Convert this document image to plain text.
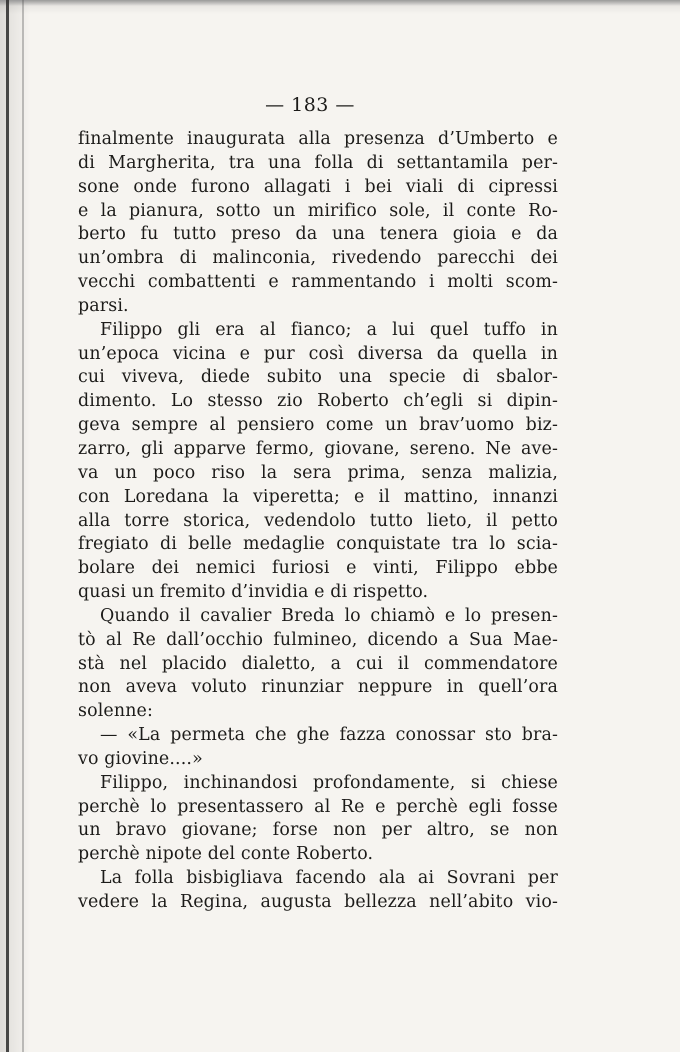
— 183 —
finalmente inaugurata alla presenza d’Umberto e
di Margherita, tra una folla di settantamila per-
sone onde furono allagati i bei viali di cipressi
e la pianura, sotto un mirifico sole, il conte Ro-
berto fu tutto preso da una tenera gioia e da
un’ombra di malinconia, rivedendo parecchi dei
vecchi combattenti e rammentando i molti scom-
parsi.
Filippo gli era al fianco; a lui quel tuffo in
un’epoca vicina e pur così diversa da quella in
cui viveva, diede subito una specie di sbalor-
dimento. Lo stesso zio Roberto ch’egli si dipin-
geva sempre al pensiero come un brav’uomo biz-
zarro, gli apparve fermo, giovane, sereno. Ne ave-
va un poco riso la sera prima, senza malizia,
con Loredana la viperetta; e il mattino, innanzi
alla torre storica, vedendolo tutto lieto, il petto
fregiato di belle medaglie conquistate tra lo scia-
bolare dei nemici furiosi e vinti, Filippo ebbe
quasi un fremito d’invidia e di rispetto.
Quando il cavalier Breda lo chiamò e lo presen-
tò al Re dall’occhio fulmineo, dicendo a Sua Mae-
stà nel placido dialetto, a cui il commendatore
non aveva voluto rinunziar neppure in quell’ora
solenne:
— «La permeta che ghe fazza conossar sto bra-
vo giovine....»
Filippo, inchinandosi profondamente, si chiese
perchè lo presentassero al Re e perchè egli fosse
un bravo giovane; forse non per altro, se non
perchè nipote del conte Roberto.
La folla bisbigliava facendo ala ai Sovrani per
vedere la Regina, augusta bellezza nell’abito vio-
